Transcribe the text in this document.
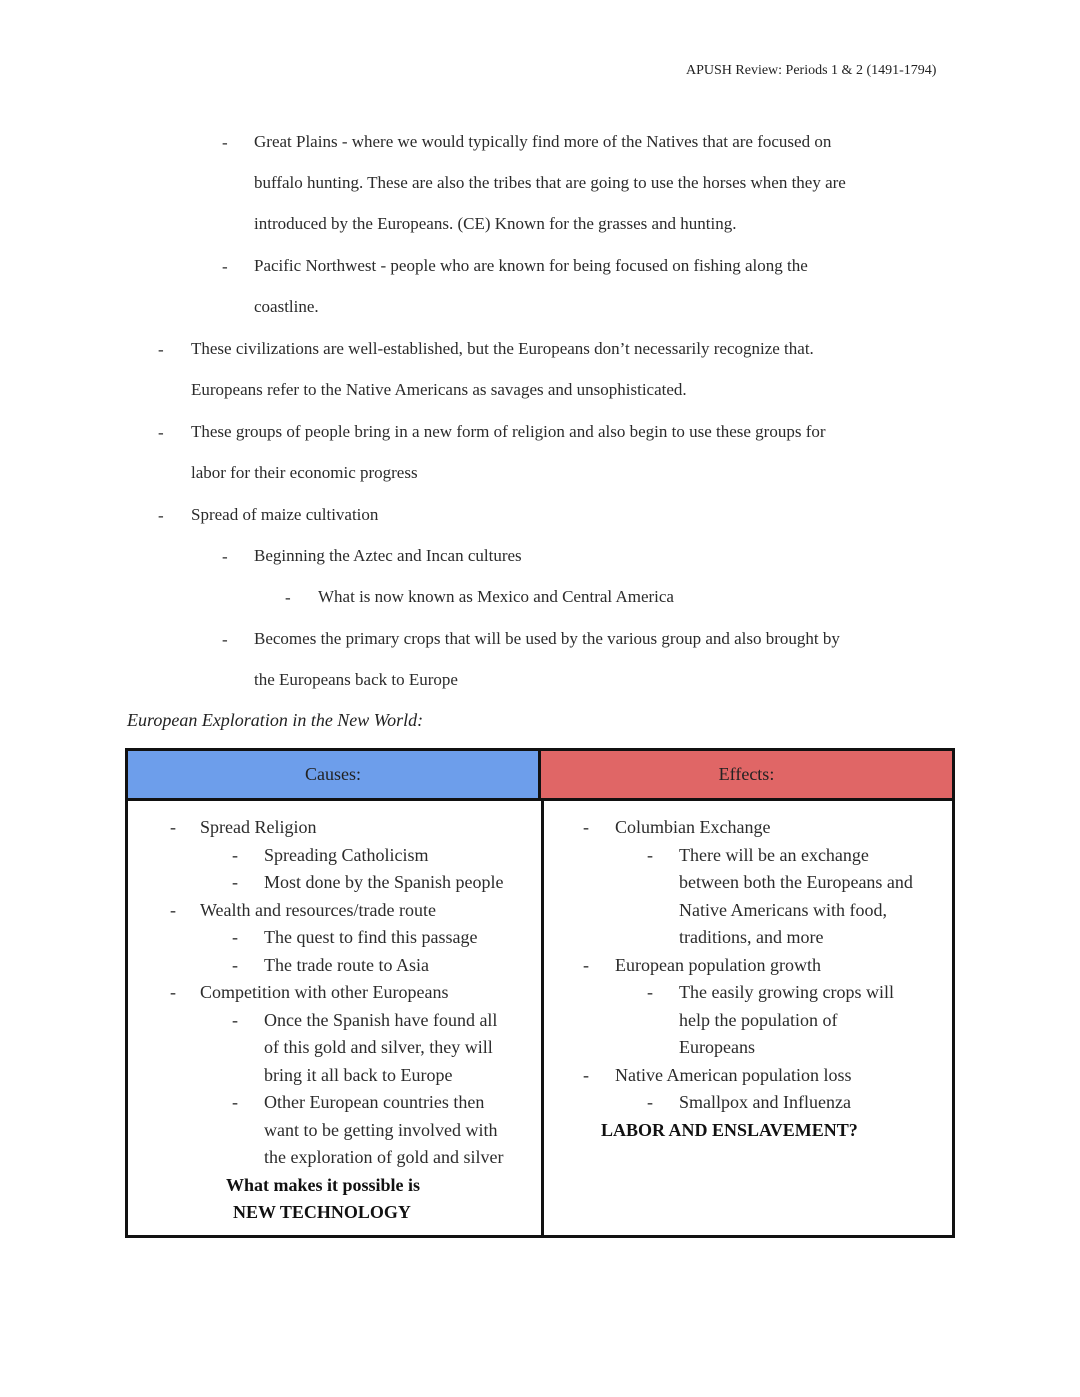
APUSH Review: Periods 1 & 2 (1491-1794)
- Great Plains - where we would typically find more of the Natives that are focused on
buffalo hunting. These are also the tribes that are going to use the horses when they are
introduced by the Europeans. (CE) Known for the grasses and hunting.
- Pacific Northwest - people who are known for being focused on fishing along the
coastline.
- These civilizations are well-established, but the Europeans don’t necessarily recognize that.
Europeans refer to the Native Americans as savages and unsophisticated.
- These groups of people bring in a new form of religion and also begin to use these groups for
labor for their economic progress
- Spread of maize cultivation
- Beginning the Aztec and Incan cultures
- What is now known as Mexico and Central America
- Becomes the primary crops that will be used by the various group and also brought by
the Europeans back to Europe
European Exploration in the New World:
Causes:	Effects:
- Spread Religion
- Spreading Catholicism
- Most done by the Spanish people
- Wealth and resources/trade route
- The quest to find this passage
- The trade route to Asia
- Competition with other Europeans
- Once the Spanish have found all
of this gold and silver, they will
bring it all back to Europe
- Other European countries then
want to be getting involved with
the exploration of gold and silver
What makes it possible is
NEW TECHNOLOGY
- Columbian Exchange
- There will be an exchange
between both the Europeans and
Native Americans with food,
traditions, and more
- European population growth
- The easily growing crops will
help the population of
Europeans
- Native American population loss
- Smallpox and Influenza
LABOR AND ENSLAVEMENT?
